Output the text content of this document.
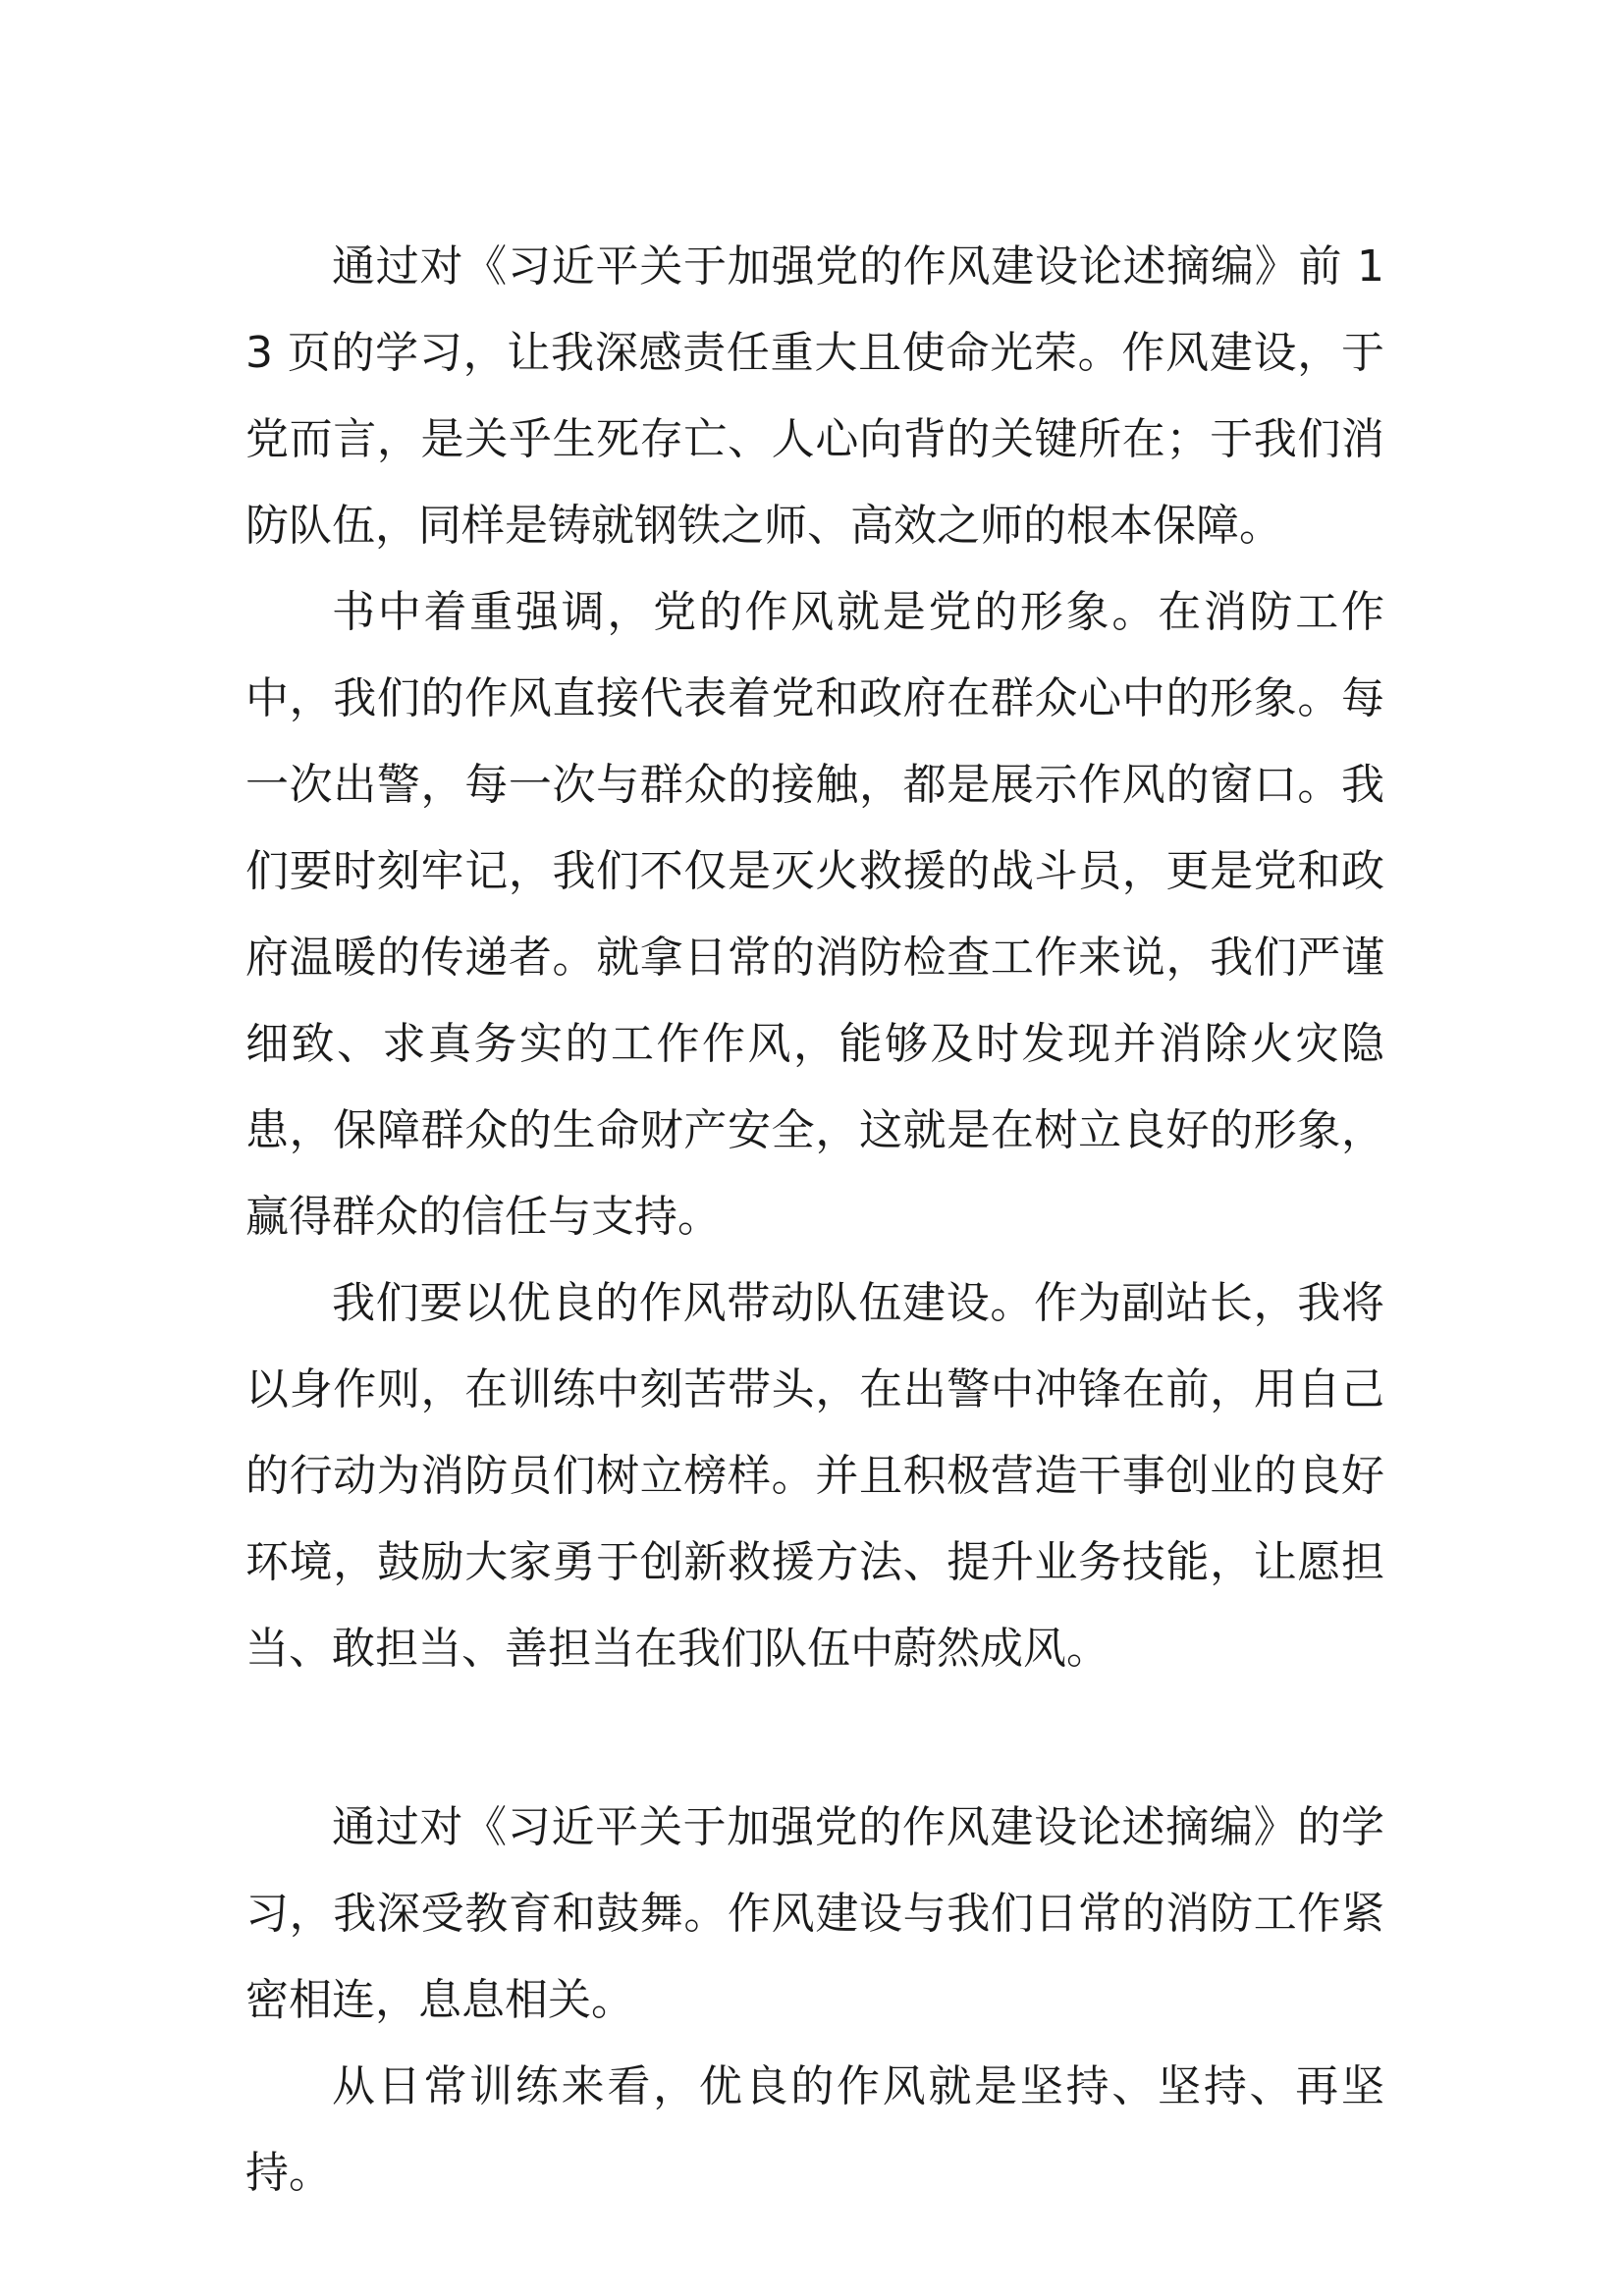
通过对《习近平关于加强党的作风建设论述摘编》前 13 页的学习，让我深感责任重大且使命光荣。作风建设，于党而言，是关乎生死存亡、人心向背的关键所在；于我们消防队伍，同样是铸就钢铁之师、高效之师的根本保障。

书中着重强调，党的作风就是党的形象。在消防工作中，我们的作风直接代表着党和政府在群众心中的形象。每一次出警，每一次与群众的接触，都是展示作风的窗口。我们要时刻牢记，我们不仅是灭火救援的战斗员，更是党和政府温暖的传递者。就拿日常的消防检查工作来说，我们严谨细致、求真务实的工作作风，能够及时发现并消除火灾隐患，保障群众的生命财产安全，这就是在树立良好的形象，赢得群众的信任与支持。

我们要以优良的作风带动队伍建设。作为副站长，我将以身作则，在训练中刻苦带头，在出警中冲锋在前，用自己的行动为消防员们树立榜样。并且积极营造干事创业的良好环境，鼓励大家勇于创新救援方法、提升业务技能，让愿担当、敢担当、善担当在我们队伍中蔚然成风。

通过对《习近平关于加强党的作风建设论述摘编》的学习，我深受教育和鼓舞。作风建设与我们日常的消防工作紧密相连，息息相关。

从日常训练来看，优良的作风就是坚持、坚持、再坚持。
